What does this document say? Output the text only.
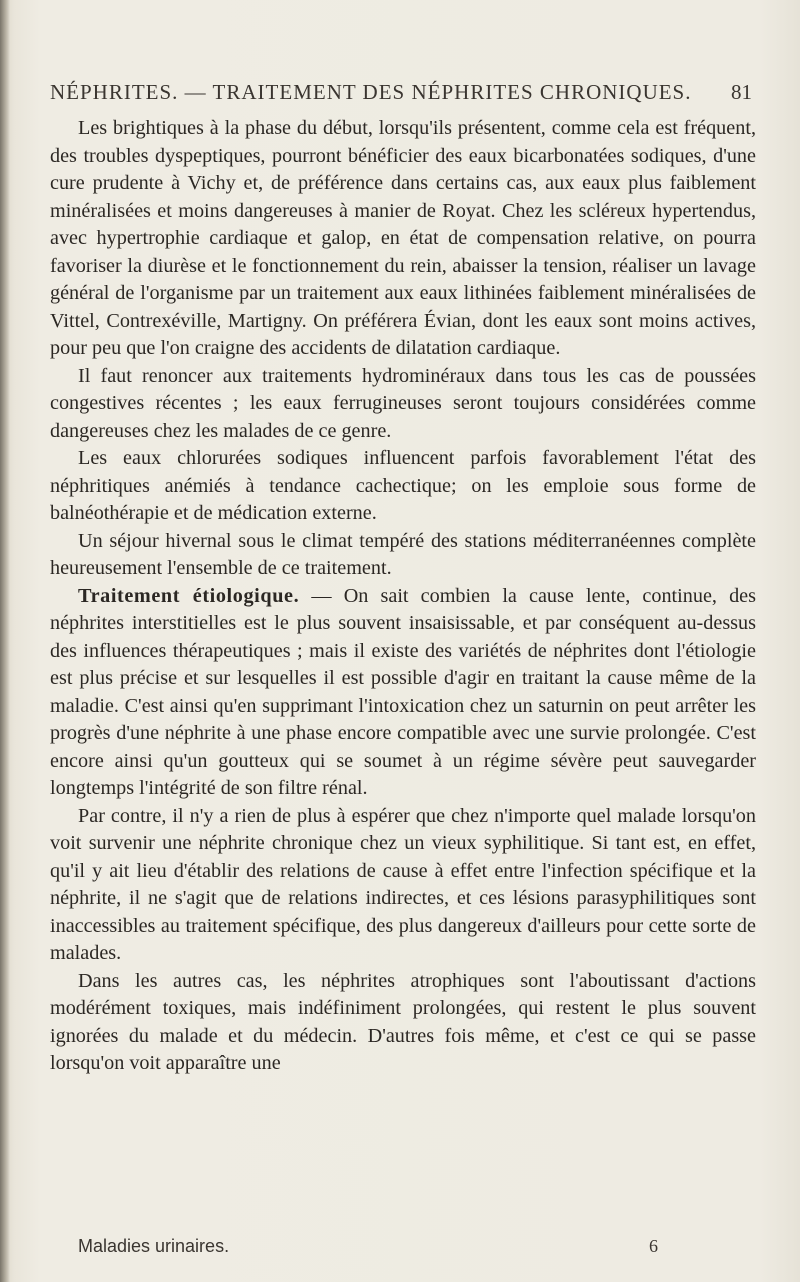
NÉPHRITES. — TRAITEMENT DES NÉPHRITES CHRONIQUES. 81

Les brightiques à la phase du début, lorsqu'ils présentent, comme cela est fréquent, des troubles dyspeptiques, pourront bénéficier des eaux bicarbonatées sodiques, d'une cure prudente à Vichy et, de préférence dans certains cas, aux eaux plus faiblement minéralisées et moins dangereuses à manier de Royat. Chez les scléreux hypertendus, avec hypertrophie cardiaque et galop, en état de compensation relative, on pourra favoriser la diurèse et le fonctionnement du rein, abaisser la tension, réaliser un lavage général de l'organisme par un traitement aux eaux lithinées faiblement minéralisées de Vittel, Contrexéville, Martigny. On préférera Évian, dont les eaux sont moins actives, pour peu que l'on craigne des accidents de dilatation cardiaque.

Il faut renoncer aux traitements hydrominéraux dans tous les cas de poussées congestives récentes ; les eaux ferrugineuses seront toujours considérées comme dangereuses chez les malades de ce genre.

Les eaux chlorurées sodiques influencent parfois favorablement l'état des néphritiques anémiés à tendance cachectique; on les emploie sous forme de balnéothérapie et de médication externe.

Un séjour hivernal sous le climat tempéré des stations méditerranéennes complète heureusement l'ensemble de ce traitement.

Traitement étiologique. — On sait combien la cause lente, continue, des néphrites interstitielles est le plus souvent insaisissable, et par conséquent au-dessus des influences thérapeutiques ; mais il existe des variétés de néphrites dont l'étiologie est plus précise et sur lesquelles il est possible d'agir en traitant la cause même de la maladie. C'est ainsi qu'en supprimant l'intoxication chez un saturnin on peut arrêter les progrès d'une néphrite à une phase encore compatible avec une survie prolongée. C'est encore ainsi qu'un goutteux qui se soumet à un régime sévère peut sauvegarder longtemps l'intégrité de son filtre rénal.

Par contre, il n'y a rien de plus à espérer que chez n'importe quel malade lorsqu'on voit survenir une néphrite chronique chez un vieux syphilitique. Si tant est, en effet, qu'il y ait lieu d'établir des relations de cause à effet entre l'infection spécifique et la néphrite, il ne s'agit que de relations indirectes, et ces lésions parasyphilitiques sont inaccessibles au traitement spécifique, des plus dangereux d'ailleurs pour cette sorte de malades.

Dans les autres cas, les néphrites atrophiques sont l'aboutissant d'actions modérément toxiques, mais indéfiniment prolongées, qui restent le plus souvent ignorées du malade et du médecin. D'autres fois même, et c'est ce qui se passe lorsqu'on voit apparaître une

Maladies urinaires.	6
